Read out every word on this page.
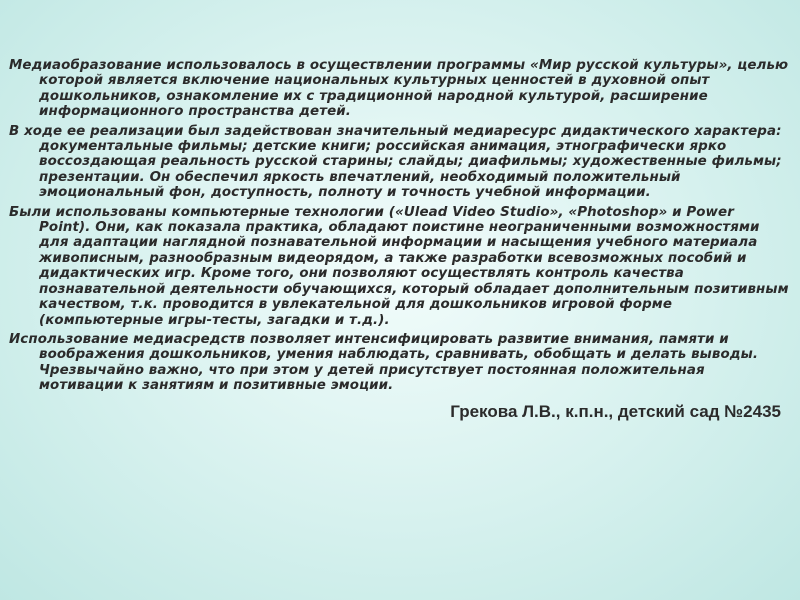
Медиаобразование использовалось в осуществлении программы «Мир русской культуры», целью которой является включение национальных культурных ценностей в духовной опыт дошкольников, ознакомление их с традиционной народной культурой, расширение информационного пространства детей.

В ходе ее реализации был задействован значительный медиаресурс дидактического характера: документальные фильмы; детские книги; российская анимация, этнографически ярко воссоздающая реальность русской старины; слайды; диафильмы; художественные фильмы; презентации. Он обеспечил яркость впечатлений, необходимый положительный эмоциональный фон, доступность, полноту и точность учебной информации.

Были использованы компьютерные технологии («Ulead Video Studio», «Photoshop» и Power Point). Они, как показала практика, обладают поистине неограниченными возможностями для адаптации наглядной познавательной информации и насыщения учебного материала живописным, разнообразным видеорядом, а также разработки всевозможных пособий и дидактических игр. Кроме того, они позволяют осуществлять контроль качества познавательной деятельности обучающихся, который обладает дополнительным позитивным качеством, т.к. проводится в увлекательной для дошкольников игровой форме (компьютерные игры-тесты, загадки и т.д.).

Использование медиасредств позволяет интенсифицировать развитие внимания, памяти и воображения дошкольников, умения наблюдать, сравнивать, обобщать и делать выводы. Чрезвычайно важно, что при этом у детей присутствует постоянная положительная мотивации к занятиям и позитивные эмоции.

Грекова Л.В., к.п.н., детский сад №2435
